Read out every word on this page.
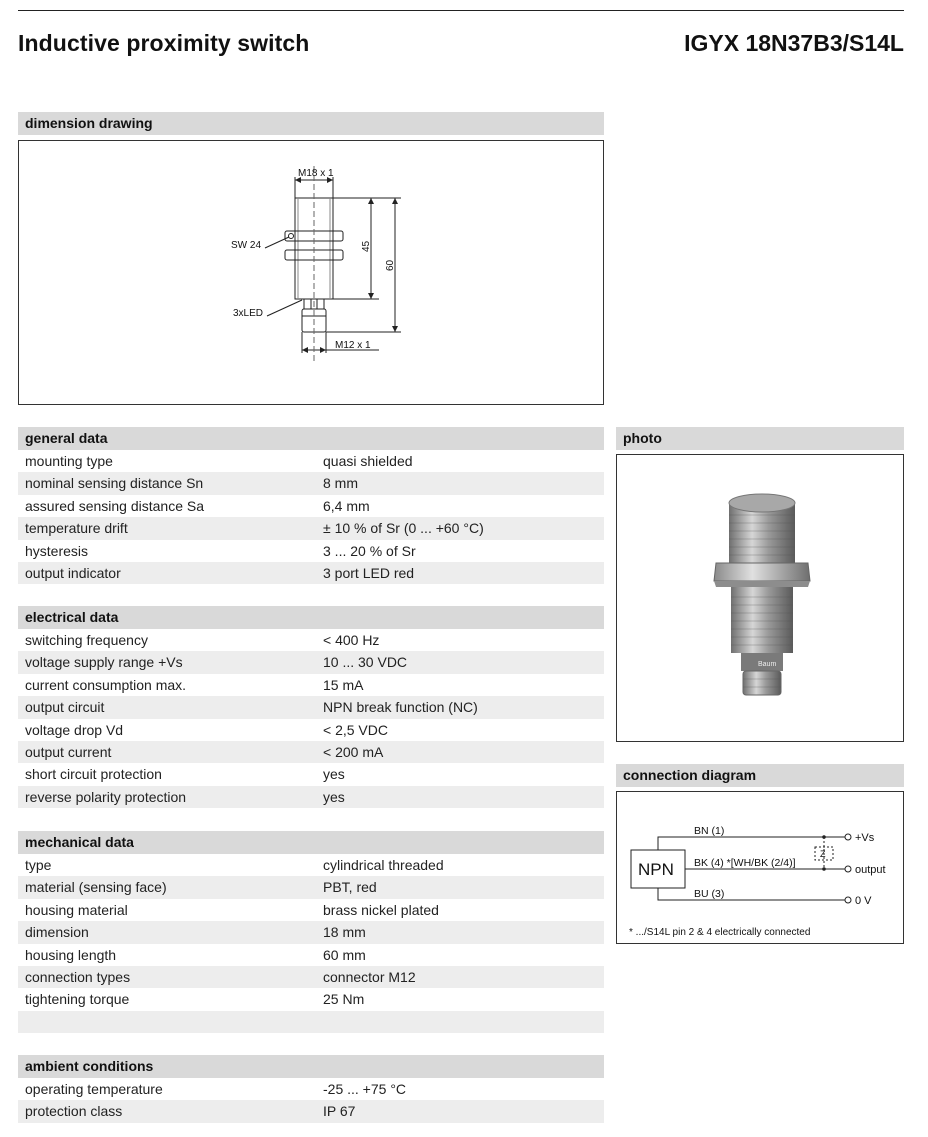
Inductive proximity switch	IGYX 18N37B3/S14L
dimension drawing
M18 x 1
SW 24
3xLED
M12 x 1
45
60
general data
mounting type	quasi shielded
nominal sensing distance Sn	8 mm
assured sensing distance Sa	6,4 mm
temperature drift	± 10 % of Sr (0 ... +60 °C)
hysteresis	3 ... 20 % of Sr
output indicator	3 port LED red
electrical data
switching frequency	< 400 Hz
voltage supply range +Vs	10 ... 30 VDC
current consumption max.	15 mA
output circuit	NPN break function (NC)
voltage drop Vd	< 2,5 VDC
output current	< 200 mA
short circuit protection	yes
reverse polarity protection	yes
mechanical data
type	cylindrical threaded
material (sensing face)	PBT, red
housing material	brass nickel plated
dimension	18 mm
housing length	60 mm
connection types	connector M12
tightening torque	25 Nm
ambient conditions
operating temperature	-25 ... +75 °C
protection class	IP 67
photo
Baum
connection diagram
NPN
BN (1)
BK (4) *[WH/BK (2/4)]
BU (3)
Z
+Vs
output
0 V
* .../S14L pin 2 & 4 electrically connected
